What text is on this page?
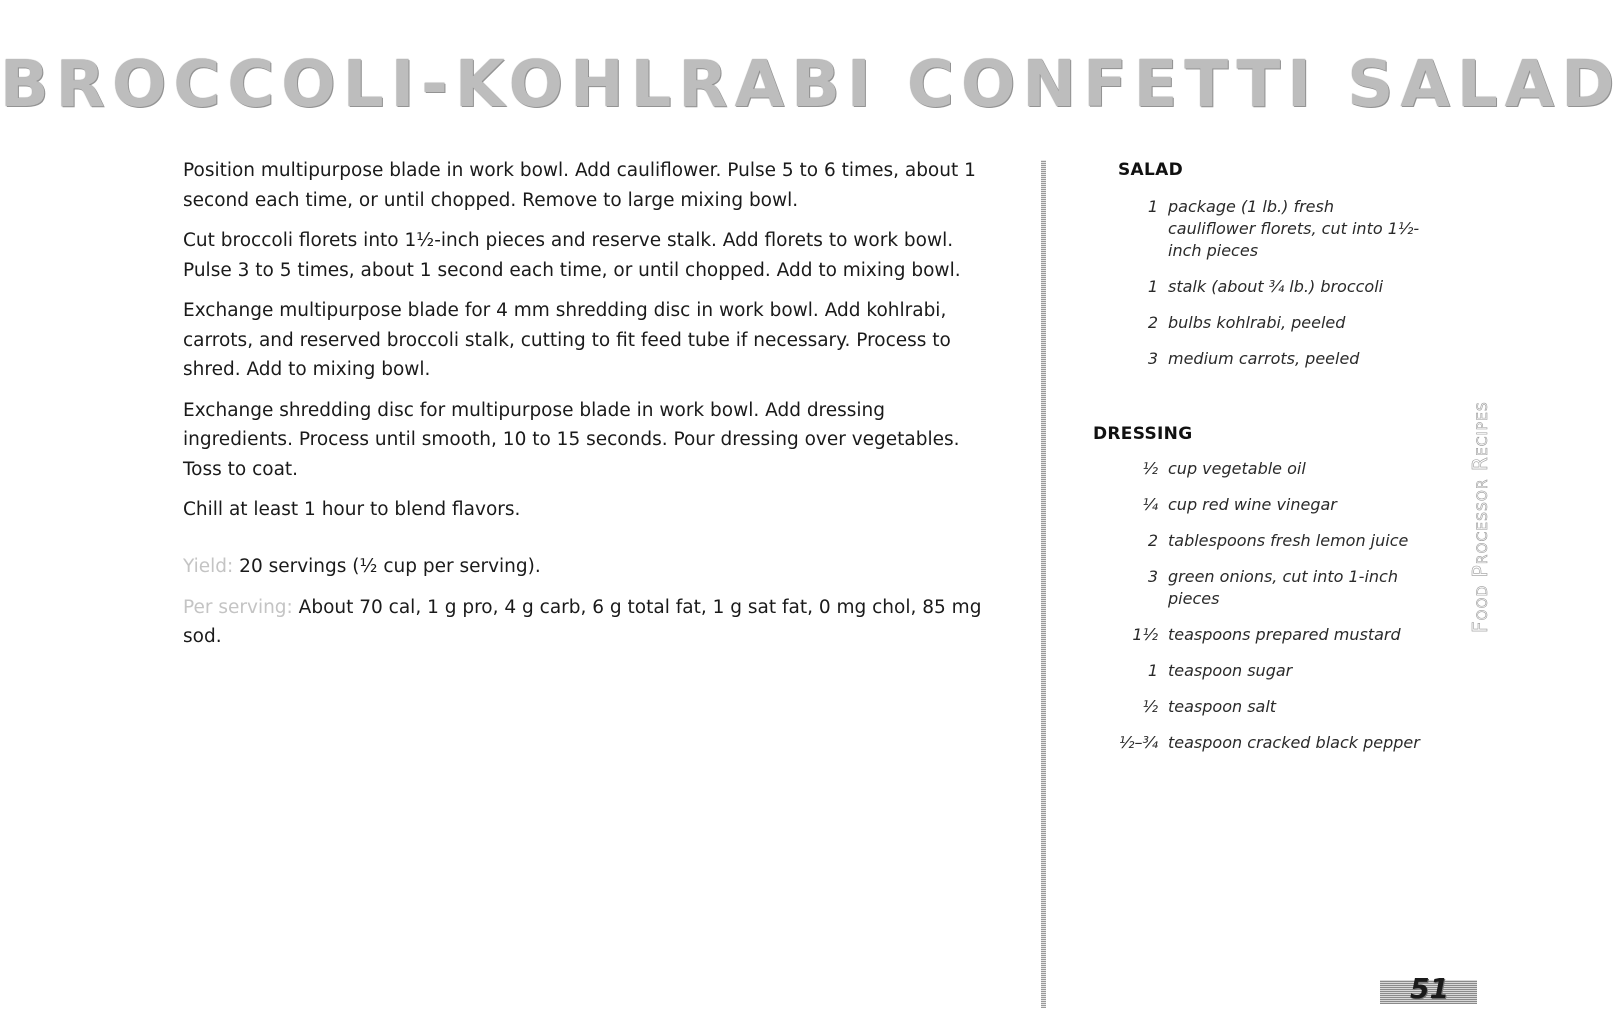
BROCCOLI-KOHLRABI CONFETTI SALAD

Position multipurpose blade in work bowl. Add cauliflower. Pulse 5 to 6 times, about 1 second each time, or until chopped. Remove to large mixing bowl.

Cut broccoli florets into 1½-inch pieces and reserve stalk. Add florets to work bowl. Pulse 3 to 5 times, about 1 second each time, or until chopped. Add to mixing bowl.

Exchange multipurpose blade for 4 mm shredding disc in work bowl. Add kohlrabi, carrots, and reserved broccoli stalk, cutting to fit feed tube if necessary. Process to shred. Add to mixing bowl.

Exchange shredding disc for multipurpose blade in work bowl. Add dressing ingredients. Process until smooth, 10 to 15 seconds. Pour dressing over vegetables. Toss to coat.

Chill at least 1 hour to blend flavors.

Yield: 20 servings (½ cup per serving).

Per serving: About 70 cal, 1 g pro, 4 g carb, 6 g total fat, 1 g sat fat, 0 mg chol, 85 mg sod.

SALAD
1 package (1 lb.) fresh cauliflower florets, cut into 1½-inch pieces
1 stalk (about ¾ lb.) broccoli
2 bulbs kohlrabi, peeled
3 medium carrots, peeled
DRESSING
½ cup vegetable oil
¼ cup red wine vinegar
2 tablespoons fresh lemon juice
3 green onions, cut into 1-inch pieces
1½ teaspoons prepared mustard
1 teaspoon sugar
½ teaspoon salt
½–¾ teaspoon cracked black pepper
Food Processor Recipes
51
